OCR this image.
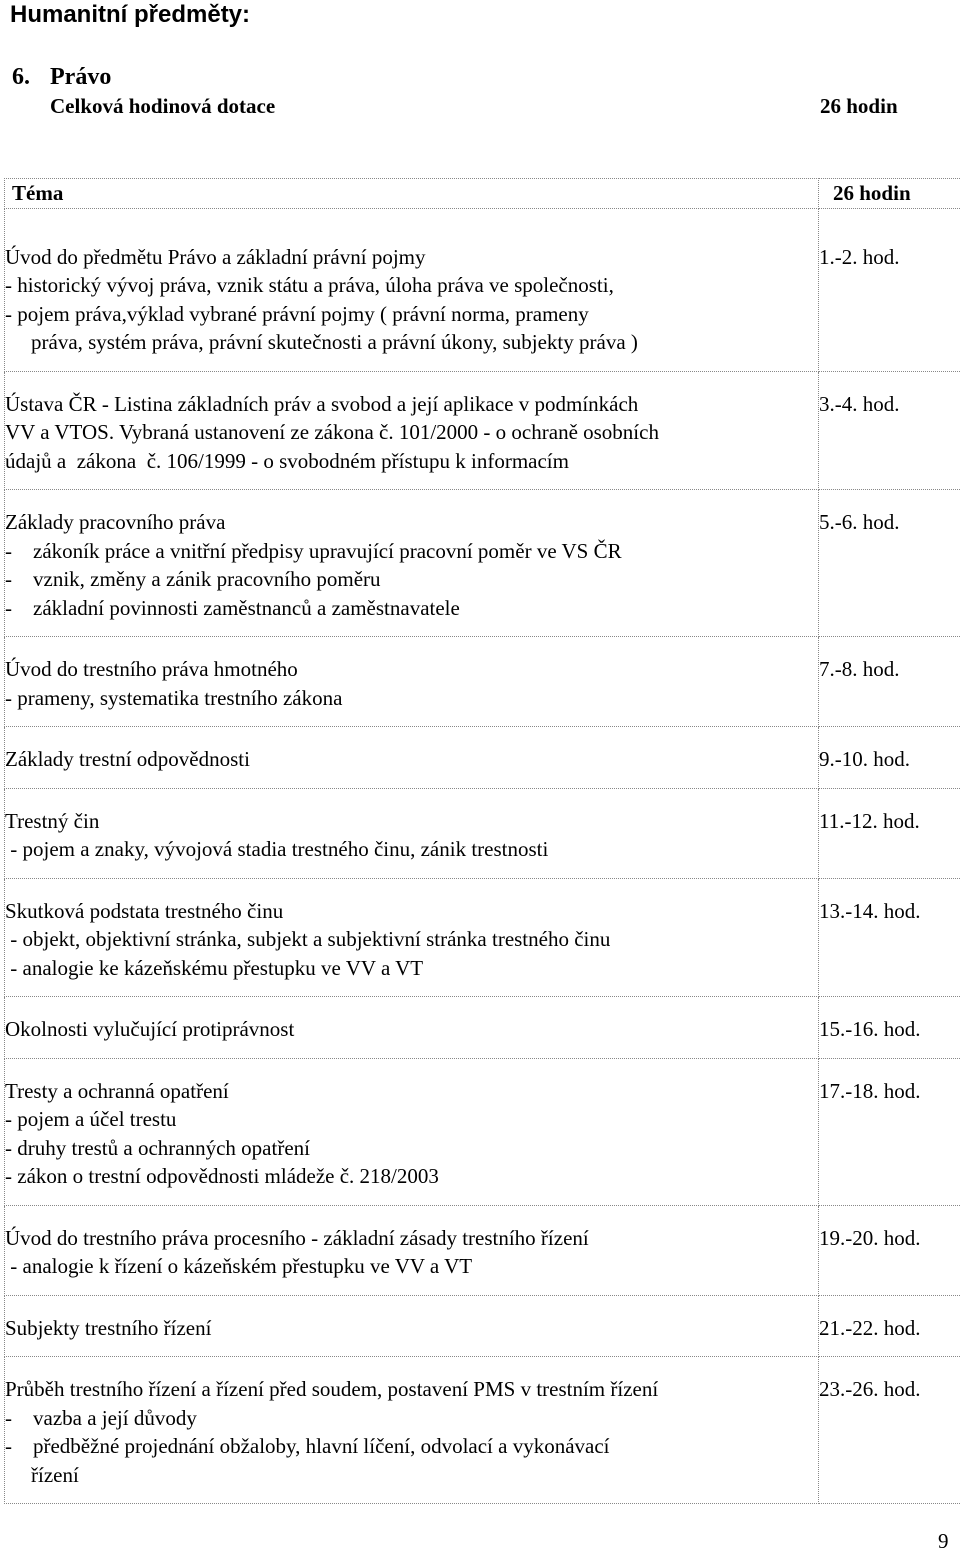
Humanitní předměty:
6. Právo
Celková hodinová dotace	26 hodin
Téma	26 hodin

Úvod do předmětu Právo a základní právní pojmy
- historický vývoj práva, vznik státu a práva, úloha práva ve společnosti,
- pojem práva,výklad vybrané právní pojmy ( právní norma, prameny
práva, systém práva, právní skutečnosti a právní úkony, subjekty práva )	1.-2. hod.

Ústava ČR - Listina základních práv a svobod a její aplikace v podmínkách
VV a VTOS. Vybraná ustanovení ze zákona č. 101/2000 - o ochraně osobních
údajů a  zákona  č. 106/1999 - o svobodném přístupu k informacím	3.-4. hod.

Základy pracovního práva
-    zákoník práce a vnitřní předpisy upravující pracovní poměr ve VS ČR
-    vznik, změny a zánik pracovního poměru
-    základní povinnosti zaměstnanců a zaměstnavatele	5.-6. hod.

Úvod do trestního práva hmotného
- prameny, systematika trestního zákona	7.-8. hod.

Základy trestní odpovědnosti	9.-10. hod.

Trestný čin
- pojem a znaky, vývojová stadia trestného činu, zánik trestnosti	11.-12. hod.

Skutková podstata trestného činu
- objekt, objektivní stránka, subjekt a subjektivní stránka trestného činu
- analogie ke kázeňskému přestupku ve VV a VT	13.-14. hod.

Okolnosti vylučující protiprávnost	15.-16. hod.

Tresty a ochranná opatření
- pojem a účel trestu
- druhy trestů a ochranných opatření
- zákon o trestní odpovědnosti mládeže č. 218/2003	17.-18. hod.

Úvod do trestního práva procesního - základní zásady trestního řízení
- analogie k řízení o kázeňském přestupku ve VV a VT	19.-20. hod.

Subjekty trestního řízení	21.-22. hod.

Průběh trestního řízení a řízení před soudem, postavení PMS v trestním řízení
-    vazba a její důvody
-    předběžné projednání obžaloby, hlavní líčení, odvolací a vykonávací
řízení	23.-26. hod.
9
